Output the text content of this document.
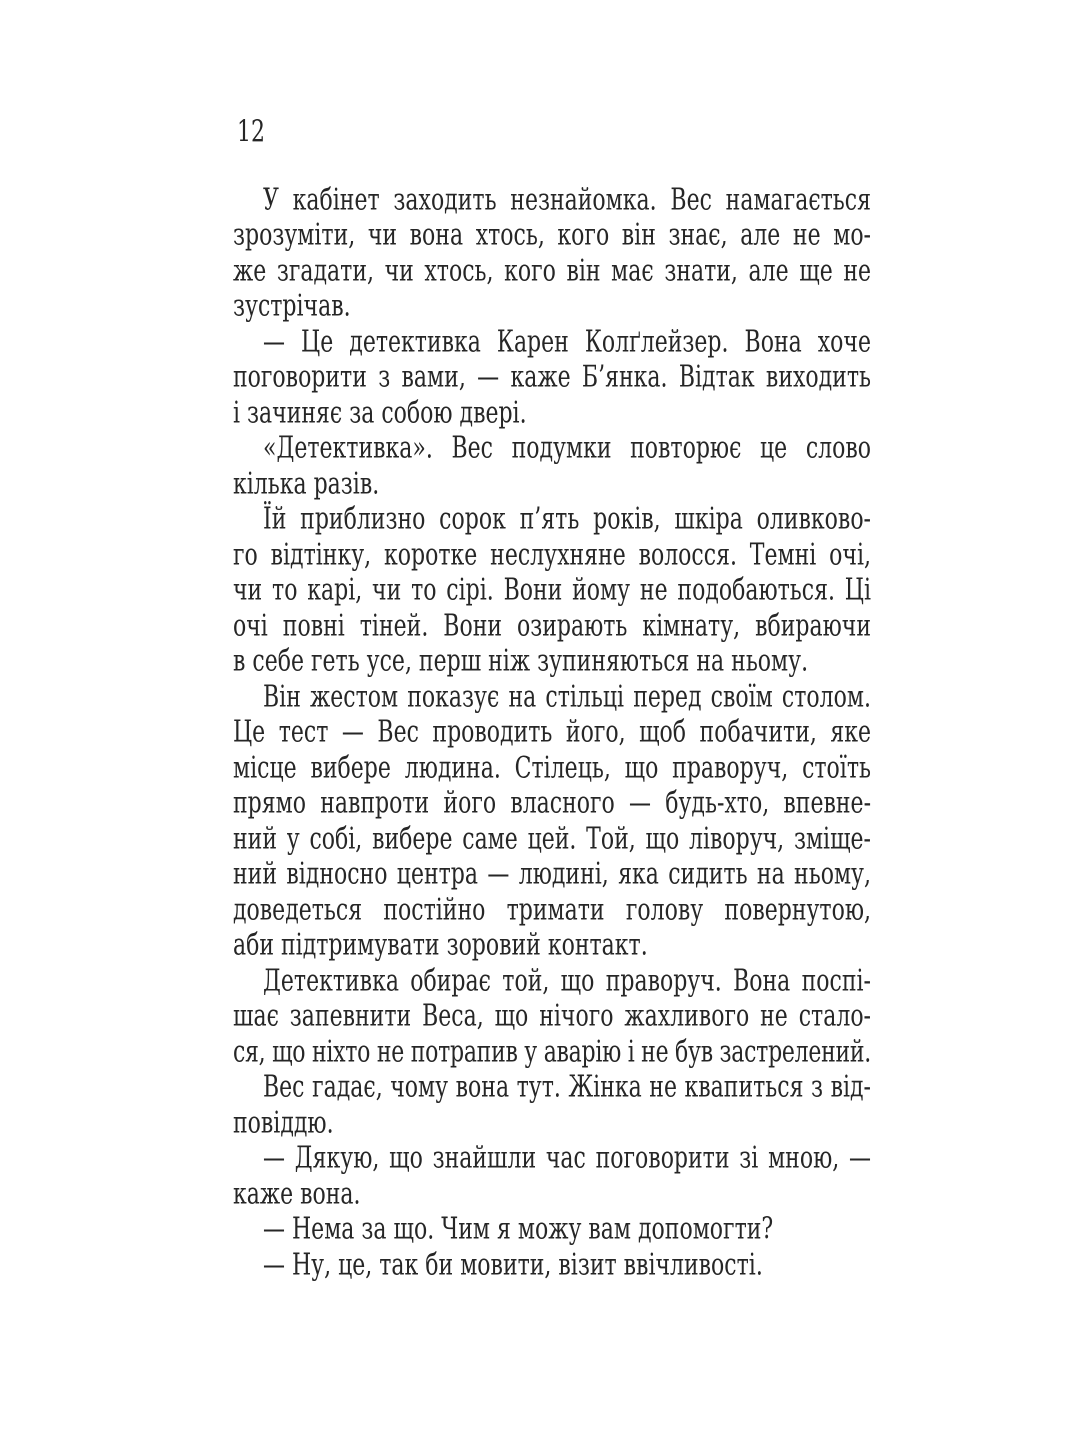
12
У кабінет заходить незнайомка. Вес намагається
зрозуміти, чи вона хтось, кого він знає, але не мо-
же згадати, чи хтось, кого він має знати, але ще не
зустрічав.
— Це детективка Карен Колґлейзер. Вона хоче
поговорити з вами, — каже Б’янка. Відтак виходить
і зачиняє за собою двері.
«Детективка». Вес подумки повторює це слово
кілька разів.
Їй приблизно сорок п’ять років, шкіра оливково-
го відтінку, коротке неслухняне волосся. Темні очі,
чи то карі, чи то сірі. Вони йому не подобаються. Ці
очі повні тіней. Вони озирають кімнату, вбираючи
в себе геть усе, перш ніж зупиняються на ньому.
Він жестом показує на стільці перед своїм столом.
Це тест — Вес проводить його, щоб побачити, яке
місце вибере людина. Стілець, що праворуч, стоїть
прямо навпроти його власного — будь-хто, впевне-
ний у собі, вибере саме цей. Той, що ліворуч, зміще-
ний відносно центра — людині, яка сидить на ньому,
доведеться постійно тримати голову повернутою,
аби підтримувати зоровий контакт.
Детективка обирає той, що праворуч. Вона поспі-
шає запевнити Веса, що нічого жахливого не стало-
ся, що ніхто не потрапив у аварію і не був застрелений.
Вес гадає, чому вона тут. Жінка не квапиться з від-
повіддю.
— Дякую, що знайшли час поговорити зі мною, —
каже вона.
— Нема за що. Чим я можу вам допомогти?
— Ну, це, так би мовити, візит ввічливості.
